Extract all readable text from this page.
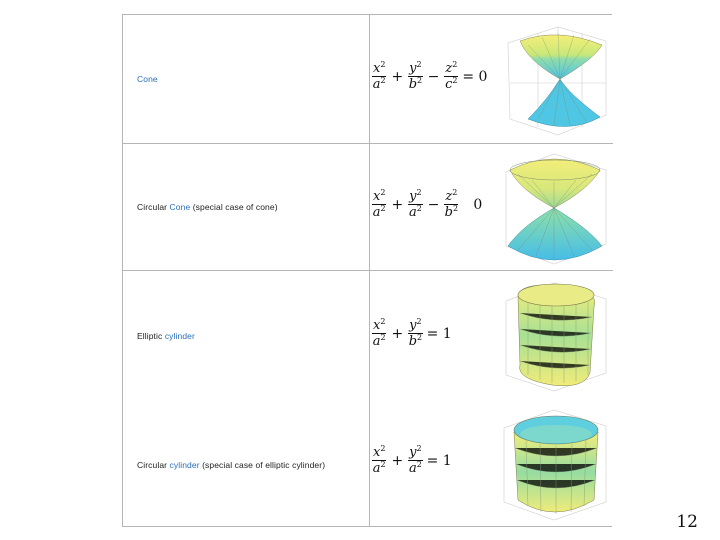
Cone	$\frac{x^2}{a^2} + \frac{y^2}{b^2} - \frac{z^2}{c^2} = 0$
Circular Cone (special case of cone)	$\frac{x^2}{a^2} + \frac{y^2}{a^2} - \frac{z^2}{b^2} 0$
Elliptic cylinder	$\frac{x^2}{a^2} + \frac{y^2}{b^2} = 1$
Circular cylinder (special case of elliptic cylinder)	$\frac{x^2}{a^2} + \frac{y^2}{a^2} = 1$
12
